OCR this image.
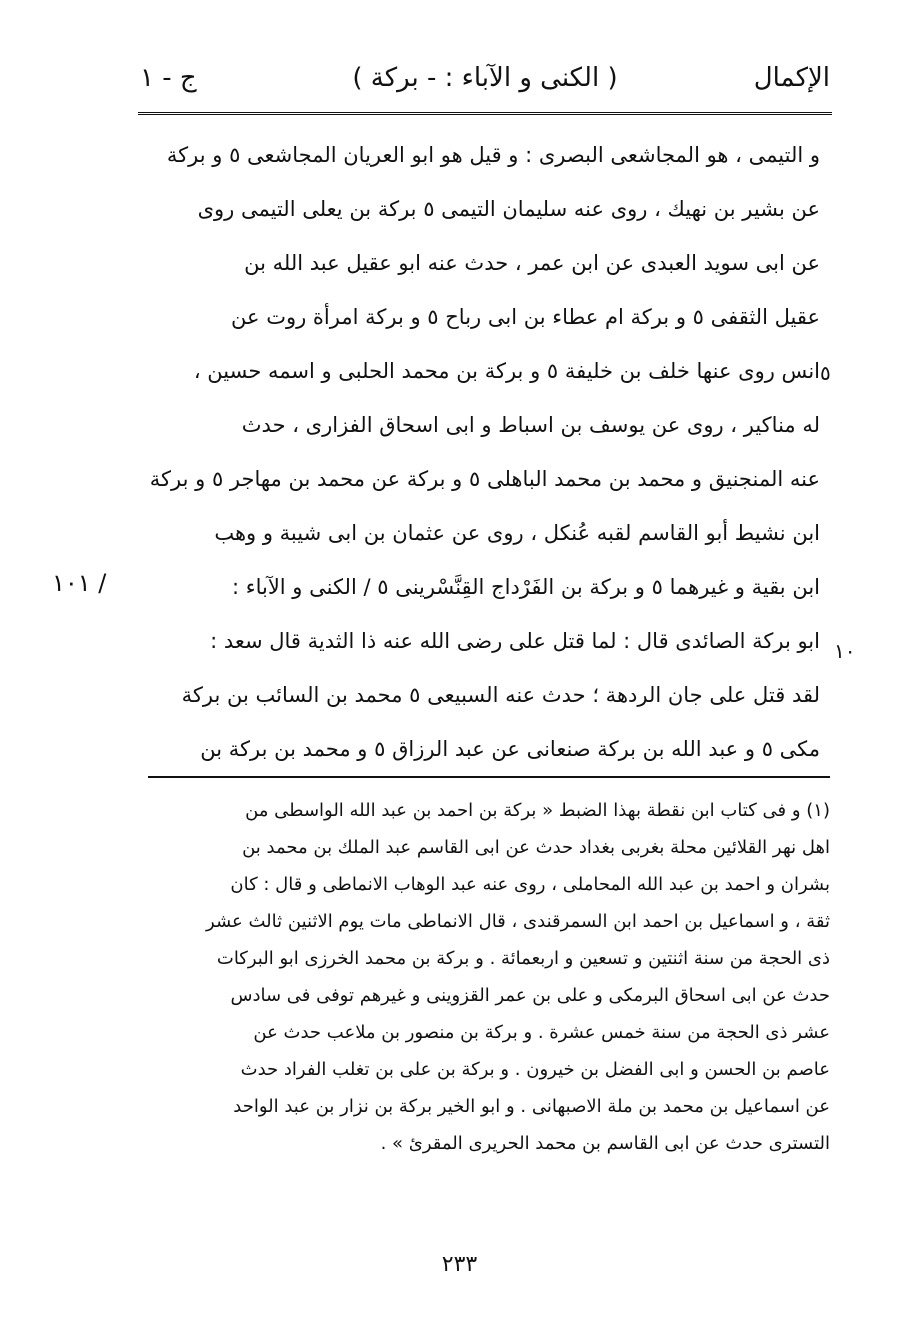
الإكمال
( الكنى و الآباء : - بركة )
ج - ١
و التيمى ، هو المجاشعى البصرى : و قيل هو ابو العريان المجاشعى ٥ و بركة
عن بشير بن نهيك ، روى عنه سليمان التيمى ٥ بركة بن يعلى التيمى روى
عن ابى سويد العبدى عن ابن عمر ، حدث عنه ابو عقيل عبد الله بن
عقيل الثقفى ٥ و بركة ام عطاء بن ابى رباح ٥ و بركة امرأة روت عن
انس روى عنها خلف بن خليفة ٥ و بركة بن محمد الحلبى و اسمه حسين ،
له مناكير ، روى عن يوسف بن اسباط و ابى اسحاق الفزارى ، حدث
عنه المنجنيق و محمد بن محمد الباهلى ٥ و بركة عن محمد بن مهاجر ٥ و بركة
ابن نشيط أبو القاسم لقبه عُنكل ، روى عن عثمان بن ابى شيبة و وهب
ابن بقية و غيرهما ٥ و بركة بن الفَرْداج القِنَّسْرينى ٥ / الكنى و الآباء :
ابو بركة الصائدى قال : لما قتل على رضى الله عنه ذا الثدية قال سعد :
لقد قتل على جان الردهة ؛ حدث عنه السبيعى ٥ محمد بن السائب بن بركة
مكى ٥ و عبد الله بن بركة صنعانى عن عبد الرزاق ٥ و محمد بن بركة بن
٥
١٠١ /
١٠
(١) و فى كتاب ابن نقطة بهذا الضبط « بركة بن احمد بن عبد الله الواسطى من
اهل نهر القلائين محلة بغربى بغداد حدث عن ابى القاسم عبد الملك بن محمد بن
بشران و احمد بن عبد الله المحاملى ، روى عنه عبد الوهاب الانماطى و قال : كان
ثقة ، و اسماعيل بن احمد ابن السمرقندى ، قال الانماطى مات يوم الاثنين ثالث عشر
ذى الحجة من سنة اثنتين و تسعين و اربعمائة . و بركة بن محمد الخرزى ابو البركات
حدث عن ابى اسحاق البرمكى و على بن عمر القزوينى و غيرهم توفى فى سادس
عشر ذى الحجة من سنة خمس عشرة . و بركة بن منصور بن ملاعب حدث عن
عاصم بن الحسن و ابى الفضل بن خيرون . و بركة بن على بن تغلب الفراد حدث
عن اسماعيل بن محمد بن ملة الاصبهانى . و ابو الخير بركة بن نزار بن عبد الواحد
التسترى حدث عن ابى القاسم بن محمد الحريرى المقرئ » .
٢٣٣
